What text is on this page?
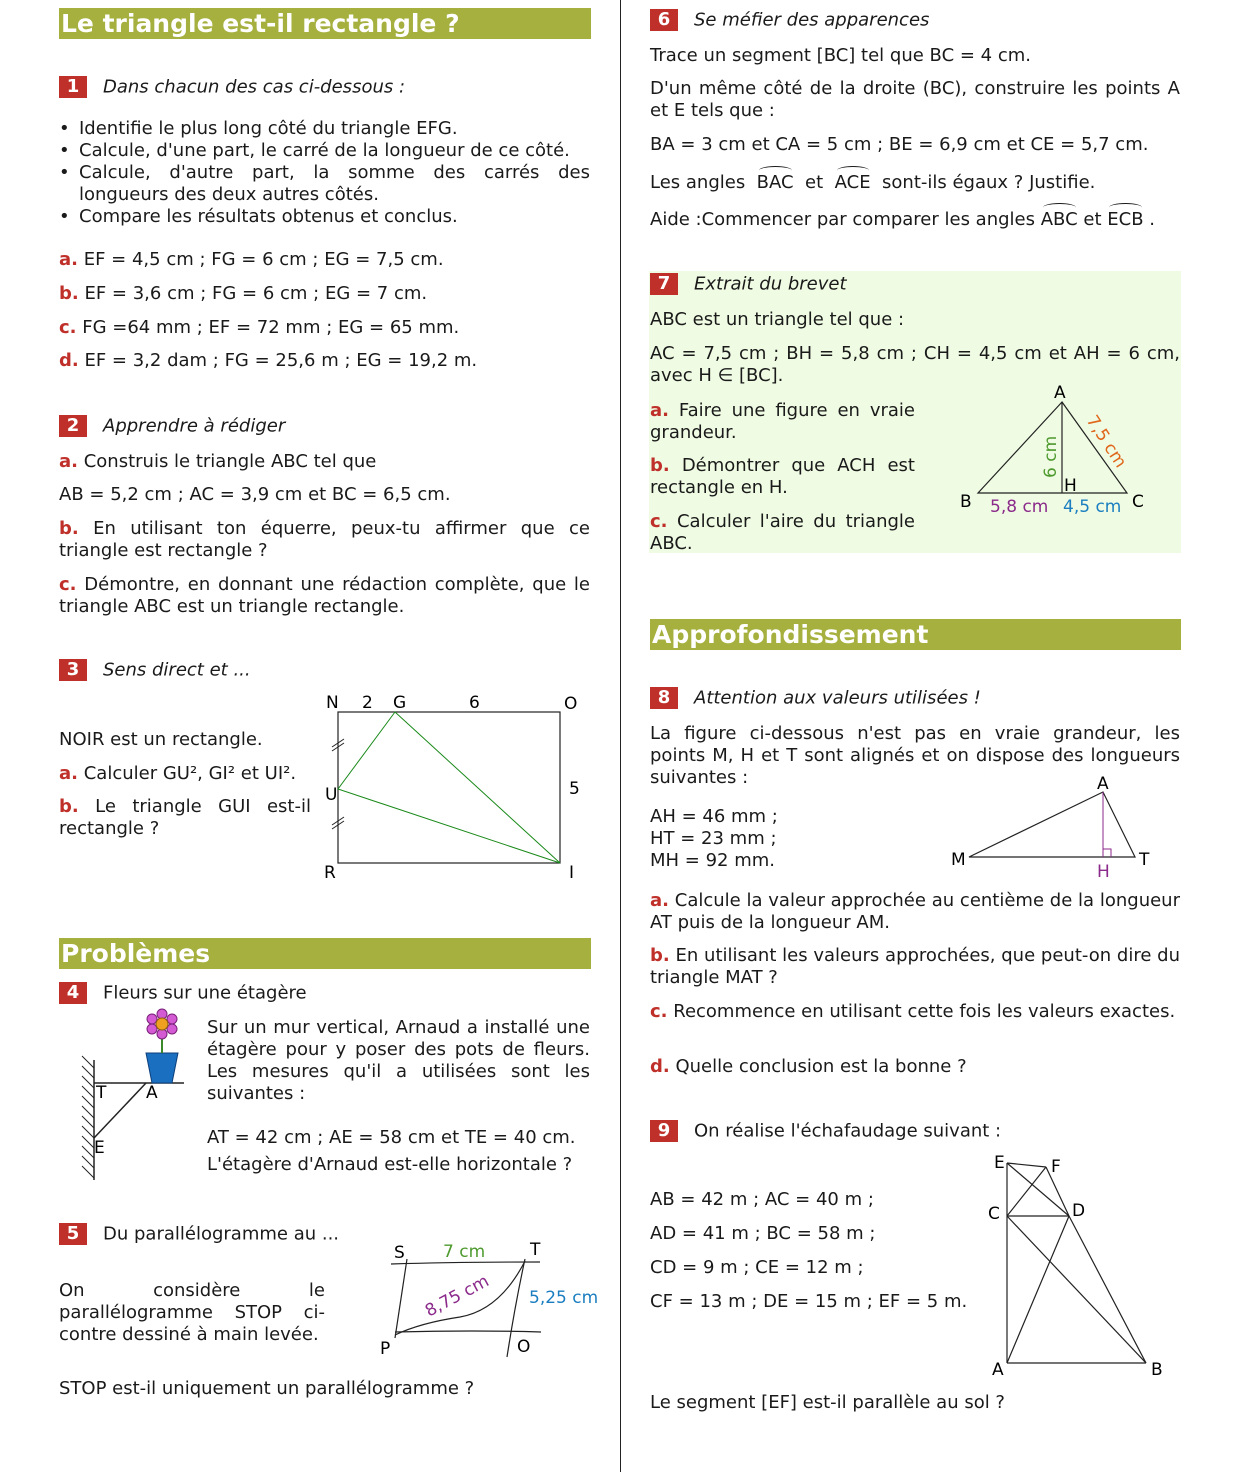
Le triangle est-il rectangle ?
1 Dans chacun des cas ci-dessous :
• Identifie le plus long côté du triangle EFG.
• Calcule, d'une part, le carré de la longueur de ce côté.
• Calcule, d'autre part, la somme des carrés des longueurs des deux autres côtés.
• Compare les résultats obtenus et conclus.
a. EF = 4,5 cm ; FG = 6 cm ; EG = 7,5 cm.
b. EF = 3,6 cm ; FG = 6 cm ; EG = 7 cm.
c. FG =64 mm ; EF = 72 mm ; EG = 65 mm.
d. EF = 3,2 dam ; FG = 25,6 m ; EG = 19,2 m.
2 Apprendre à rédiger
a. Construis le triangle ABC tel que
AB = 5,2 cm ; AC = 3,9 cm et BC = 6,5 cm.

b. En utilisant ton équerre, peux-tu affirmer que ce triangle est rectangle ?

c. Démontre, en donnant une rédaction complète, que le triangle ABC est un triangle rectangle.

3 Sens direct et ...
NOIR est un rectangle.
a. Calculer GU², GI² et UI².

b. Le triangle GUI est-il rectangle ?

N 2 G	6	O
5
U
R	I
Problèmes
4 Fleurs sur une étagère

Sur un mur vertical, Arnaud a installé une étagère pour y poser des pots de fleurs. Les mesures qu'il a utilisées sont les suivantes :

AT = 42 cm ; AE = 58 cm et TE = 40 cm.
L'étagère d'Arnaud est-elle horizontale ?
T A
E
5 Du parallélogramme au ...

On considère le parallélogramme STOP ci-contre dessiné à main levée.

STOP est-il uniquement un parallélogramme ?
S	T
P	O
7 cm
5,25 cm
8,75 cm
6 Se méfier des apparences
Trace un segment [BC] tel que BC = 4 cm.

D'un même côté de la droite (BC), construire les points A et E tels que :

BA = 3 cm et CA = 5 cm ; BE = 6,9 cm et CE = 5,7 cm.
Les angles BAC et ACE sont-ils égaux ? Justifie.
Aide :Commencer par comparer les angles ABC et ECB .
7 Extrait du brevet
ABC est un triangle tel que :

AC = 7,5 cm ; BH = 5,8 cm ; CH = 4,5 cm et AH = 6 cm, avec H ∈ [BC].

a. Faire une figure en vraie grandeur.

b. Démontrer que ACH est rectangle en H.

c. Calculer l'aire du triangle ABC.

A
B	C
H
5,8 cm 4,5 cm
6 cm 7,5 cm
Approfondissement
8 Attention aux valeurs utilisées !

La figure ci-dessous n'est pas en vraie grandeur, les points M, H et T sont alignés et on dispose des longueurs suivantes :

AH = 46 mm ;
HT = 23 mm ;
MH = 92 mm.
A
M	T
H

a. Calcule la valeur approchée au centième de la longueur AT puis de la longueur AM.

b. En utilisant les valeurs approchées, que peut-on dire du triangle MAT ?

c. Recommence en utilisant cette fois les valeurs exactes.

d. Quelle conclusion est la bonne ?
9 On réalise l'échafaudage suivant :
AB = 42 m ; AC = 40 m ;
AD = 41 m ; BC = 58 m ;
CD = 9 m ; CE = 12 m ;
CF = 13 m ; DE = 15 m ; EF = 5 m.
Le segment [EF] est-il parallèle au sol ?
E	F
C	D
A	B
